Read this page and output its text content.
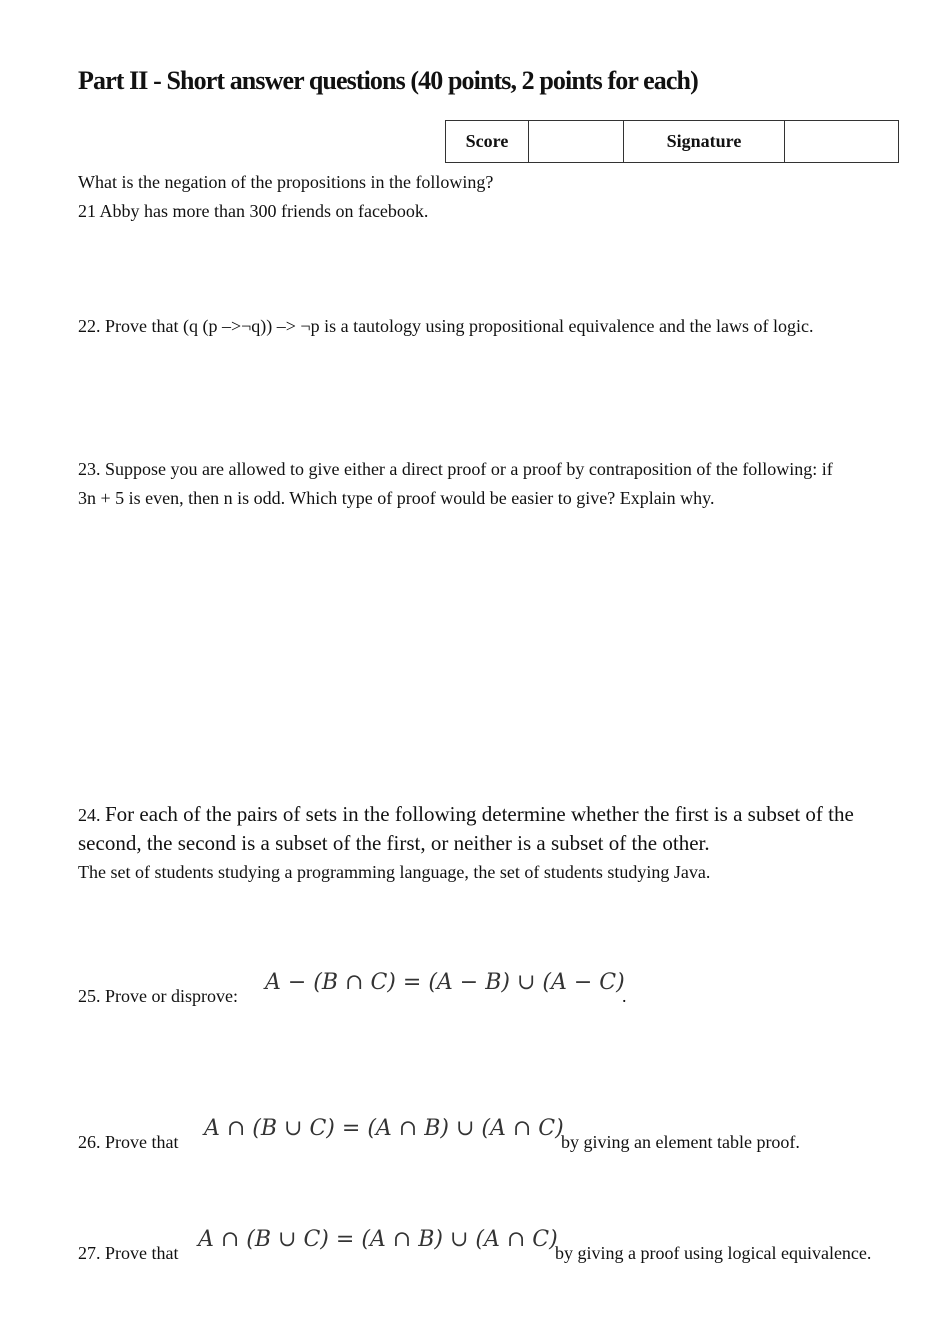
Part II - Short answer questions (40 points, 2 points for each)
Score		Signature	
What is the negation of the propositions in the following?
21 Abby has more than 300 friends on facebook.
22. Prove that (q (p –>¬q)) –> ¬p is a tautology using propositional equivalence and the laws of logic.
23. Suppose you are allowed to give either a direct proof or a proof by contraposition of the following: if
3n + 5 is even, then n is odd. Which type of proof would be easier to give? Explain why.
24. For each of the pairs of sets in the following determine whether the first is a subset of the
second, the second is a subset of the first, or neither is a subset of the other.
The set of students studying a programming language, the set of students studying Java.
25. Prove or disprove:
A − (B ∩ C) = (A − B) ∪ (A − C)
.
26. Prove that
A ∩ (B ∪ C) = (A ∩ B) ∪ (A ∩ C)
by giving an element table proof.
27. Prove that
A ∩ (B ∪ C) = (A ∩ B) ∪ (A ∩ C)
by giving a proof using logical equivalence.
